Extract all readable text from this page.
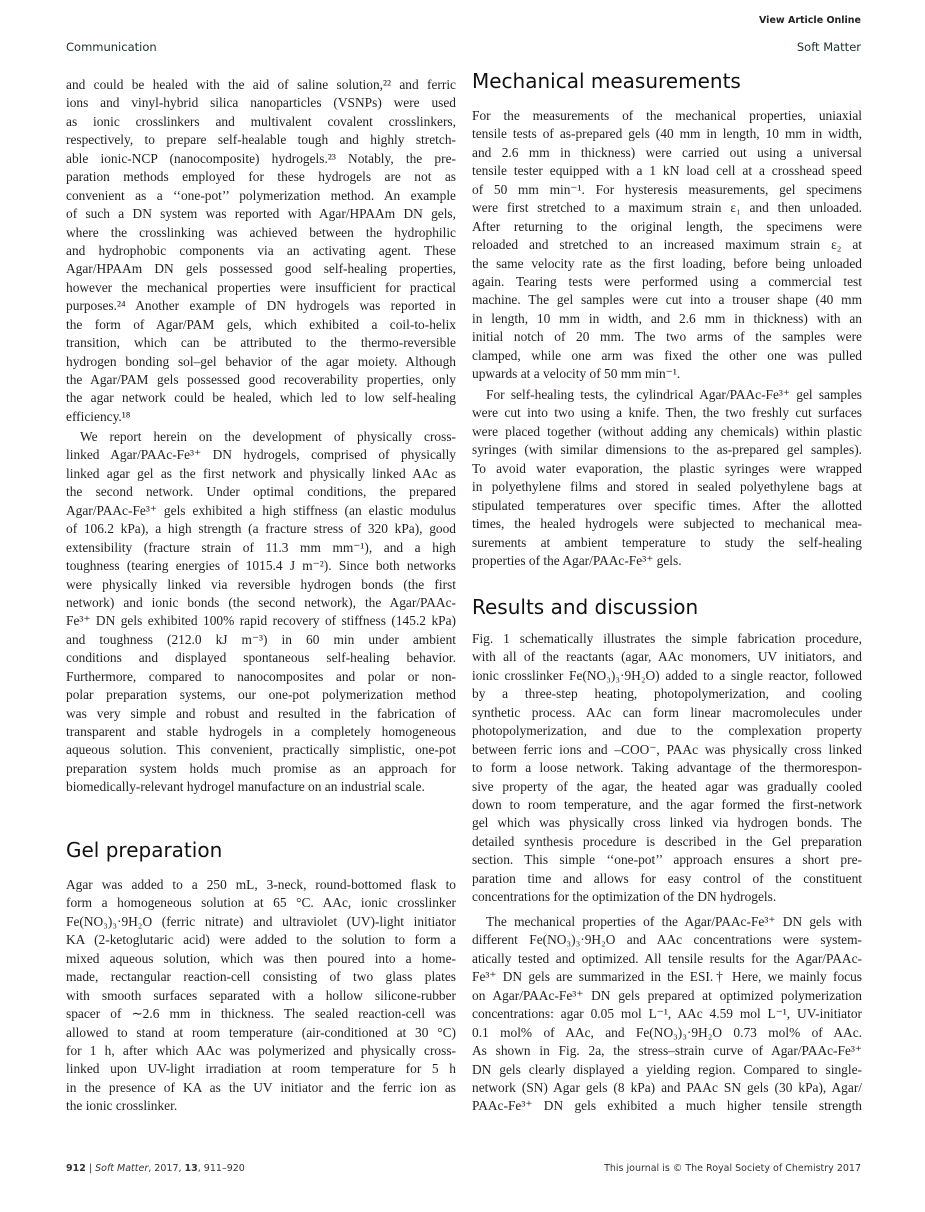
View Article Online
Communication	Soft Matter
and could be healed with the aid of saline solution,²² and ferric
ions and vinyl-hybrid silica nanoparticles (VSNPs) were used
as ionic crosslinkers and multivalent covalent crosslinkers,
respectively, to prepare self-healable tough and highly stretch-
able ionic-NCP (nanocomposite) hydrogels.²³ Notably, the pre-
paration methods employed for these hydrogels are not as
convenient as a ‘‘one-pot’’ polymerization method. An example
of such a DN system was reported with Agar/HPAAm DN gels,
where the crosslinking was achieved between the hydrophilic
and hydrophobic components via an activating agent. These
Agar/HPAAm DN gels possessed good self-healing properties,
however the mechanical properties were insufficient for practical
purposes.²⁴ Another example of DN hydrogels was reported in
the form of Agar/PAM gels, which exhibited a coil-to-helix
transition, which can be attributed to the thermo-reversible
hydrogen bonding sol–gel behavior of the agar moiety. Although
the Agar/PAM gels possessed good recoverability properties, only
the agar network could be healed, which led to low self-healing
efficiency.¹⁸
We report herein on the development of physically cross-
linked Agar/PAAc-Fe³⁺ DN hydrogels, comprised of physically
linked agar gel as the first network and physically linked AAc as
the second network. Under optimal conditions, the prepared
Agar/PAAc-Fe³⁺ gels exhibited a high stiffness (an elastic modulus
of 106.2 kPa), a high strength (a fracture stress of 320 kPa), good
extensibility (fracture strain of 11.3 mm mm⁻¹), and a high
toughness (tearing energies of 1015.4 J m⁻²). Since both networks
were physically linked via reversible hydrogen bonds (the first
network) and ionic bonds (the second network), the Agar/PAAc-
Fe³⁺ DN gels exhibited 100% rapid recovery of stiffness (145.2 kPa)
and toughness (212.0 kJ m⁻³) in 60 min under ambient
conditions and displayed spontaneous self-healing behavior.
Furthermore, compared to nanocomposites and polar or non-
polar preparation systems, our one-pot polymerization method
was very simple and robust and resulted in the fabrication of
transparent and stable hydrogels in a completely homogeneous
aqueous solution. This convenient, practically simplistic, one-pot
preparation system holds much promise as an approach for
biomedically-relevant hydrogel manufacture on an industrial scale.
Gel preparation
Agar was added to a 250 mL, 3-neck, round-bottomed flask to
form a homogeneous solution at 65 °C. AAc, ionic crosslinker
Fe(NO₃)₃·9H₂O (ferric nitrate) and ultraviolet (UV)-light initiator
KA (2-ketoglutaric acid) were added to the solution to form a
mixed aqueous solution, which was then poured into a home-
made, rectangular reaction-cell consisting of two glass plates
with smooth surfaces separated with a hollow silicone-rubber
spacer of ∼2.6 mm in thickness. The sealed reaction-cell was
allowed to stand at room temperature (air-conditioned at 30 °C)
for 1 h, after which AAc was polymerized and physically cross-
linked upon UV-light irradiation at room temperature for 5 h
in the presence of KA as the UV initiator and the ferric ion as
the ionic crosslinker.
Mechanical measurements
For the measurements of the mechanical properties, uniaxial
tensile tests of as-prepared gels (40 mm in length, 10 mm in width,
and 2.6 mm in thickness) were carried out using a universal
tensile tester equipped with a 1 kN load cell at a crosshead speed
of 50 mm min⁻¹. For hysteresis measurements, gel specimens
were first stretched to a maximum strain ε₁ and then unloaded.
After returning to the original length, the specimens were
reloaded and stretched to an increased maximum strain ε₂ at
the same velocity rate as the first loading, before being unloaded
again. Tearing tests were performed using a commercial test
machine. The gel samples were cut into a trouser shape (40 mm
in length, 10 mm in width, and 2.6 mm in thickness) with an
initial notch of 20 mm. The two arms of the samples were
clamped, while one arm was fixed the other one was pulled
upwards at a velocity of 50 mm min⁻¹.
For self-healing tests, the cylindrical Agar/PAAc-Fe³⁺ gel samples
were cut into two using a knife. Then, the two freshly cut surfaces
were placed together (without adding any chemicals) within plastic
syringes (with similar dimensions to the as-prepared gel samples).
To avoid water evaporation, the plastic syringes were wrapped
in polyethylene films and stored in sealed polyethylene bags at
stipulated temperatures over specific times. After the allotted
times, the healed hydrogels were subjected to mechanical mea-
surements at ambient temperature to study the self-healing
properties of the Agar/PAAc-Fe³⁺ gels.
Results and discussion
Fig. 1 schematically illustrates the simple fabrication procedure,
with all of the reactants (agar, AAc monomers, UV initiators, and
ionic crosslinker Fe(NO₃)₃·9H₂O) added to a single reactor, followed
by a three-step heating, photopolymerization, and cooling
synthetic process. AAc can form linear macromolecules under
photopolymerization, and due to the complexation property
between ferric ions and –COO⁻, PAAc was physically cross linked
to form a loose network. Taking advantage of the thermorespon-
sive property of the agar, the heated agar was gradually cooled
down to room temperature, and the agar formed the first-network
gel which was physically cross linked via hydrogen bonds. The
detailed synthesis procedure is described in the Gel preparation
section. This simple ‘‘one-pot’’ approach ensures a short pre-
paration time and allows for easy control of the constituent
concentrations for the optimization of the DN hydrogels.
The mechanical properties of the Agar/PAAc-Fe³⁺ DN gels with
different Fe(NO₃)₃·9H₂O and AAc concentrations were system-
atically tested and optimized. All tensile results for the Agar/PAAc-
Fe³⁺ DN gels are summarized in the ESI.† Here, we mainly focus
on Agar/PAAc-Fe³⁺ DN gels prepared at optimized polymerization
concentrations: agar 0.05 mol L⁻¹, AAc 4.59 mol L⁻¹, UV-initiator
0.1 mol% of AAc, and Fe(NO₃)₃·9H₂O 0.73 mol% of AAc.
As shown in Fig. 2a, the stress–strain curve of Agar/PAAc-Fe³⁺
DN gels clearly displayed a yielding region. Compared to single-
network (SN) Agar gels (8 kPa) and PAAc SN gels (30 kPa), Agar/
PAAc-Fe³⁺ DN gels exhibited a much higher tensile strength
912 | Soft Matter, 2017, 13, 911–920	This journal is © The Royal Society of Chemistry 2017
